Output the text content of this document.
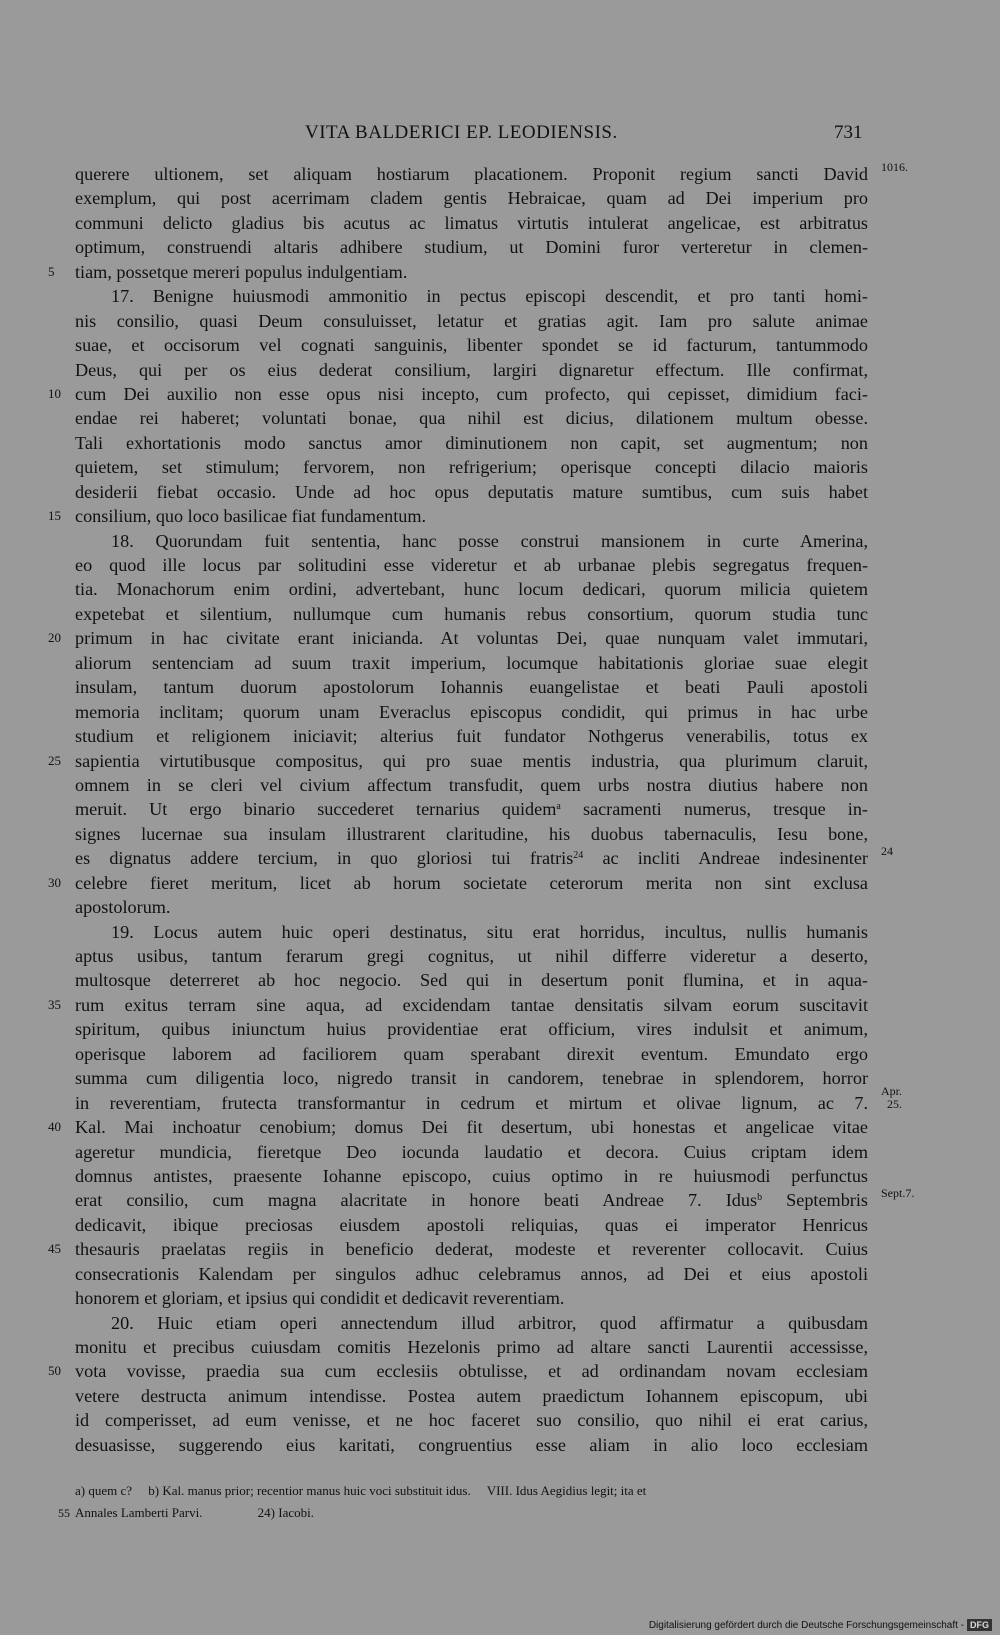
VITA BALDERICI EP. LEODIENSIS.	731
querere ultionem, set aliquam hostiarum placationem. Proponit regium sancti David 1016.
exemplum, qui post acerrimam cladem gentis Hebraicae, quam ad Dei imperium pro
communi delicto gladius bis acutus ac limatus virtutis intulerat angelicae, est arbitratus
optimum, construendi altaris adhibere studium, ut Domini furor verteretur in clemen-
5	tiam, possetque mereri populus indulgentiam.
17. Benigne huiusmodi ammonitio in pectus episcopi descendit, et pro tanti homi-
nis consilio, quasi Deum consuluisset, letatur et gratias agit. Iam pro salute animae
suae, et occisorum vel cognati sanguinis, libenter spondet se id facturum, tantummodo
Deus, qui per os eius dederat consilium, largiri dignaretur effectum. Ille confirmat,
10 cum Dei auxilio non esse opus nisi incepto, cum profecto, qui cepisset, dimidium faci-
endae rei haberet; voluntati bonae, qua nihil est dicius, dilationem multum obesse.
Tali exhortationis modo sanctus amor diminutionem non capit, set augmentum; non
quietem, set stimulum; fervorem, non refrigerium; operisque concepti dilacio maioris
desiderii fiebat occasio. Unde ad hoc opus deputatis mature sumtibus, cum suis habet
15 consilium, quo loco basilicae fiat fundamentum.
18. Quorundam fuit sententia, hanc posse construi mansionem in curte Amerina,
eo quod ille locus par solitudini esse videretur et ab urbanae plebis segregatus frequen-
tia. Monachorum enim ordini, advertebant, hunc locum dedicari, quorum milicia quietem
expetebat et silentium, nullumque cum humanis rebus consortium, quorum studia tunc
20 primum in hac civitate erant inicianda. At voluntas Dei, quae nunquam valet immutari,
aliorum sentenciam ad suum traxit imperium, locumque habitationis gloriae suae elegit
insulam, tantum duorum apostolorum Iohannis euangelistae et beati Pauli apostoli
memoria inclitam; quorum unam Everaclus episcopus condidit, qui primus in hac urbe
studium et religionem iniciavit; alterius fuit fundator Nothgerus venerabilis, totus ex
25 sapientia virtutibusque compositus, qui pro suae mentis industria, qua plurimum claruit,
omnem in se cleri vel civium affectum transfudit, quem urbs nostra diutius habere non
meruit. Ut ergo binario succederet ternarius quidem$^a$ sacramenti numerus, tresque in-
signes lucernae sua insulam illustrarent claritudine, his duobus tabernaculis, Iesu bone,
es dignatus addere tercium, in quo gloriosi tui fratris$^{24}$ ac incliti Andreae indesinenter 24
30 celebre fieret meritum, licet ab horum societate ceterorum merita non sint exclusa
apostolorum.
19. Locus autem huic operi destinatus, situ erat horridus, incultus, nullis humanis
aptus usibus, tantum ferarum gregi cognitus, ut nihil differre videretur a deserto,
multosque deterreret ab hoc negocio. Sed qui in desertum ponit flumina, et in aqua-
35 rum exitus terram sine aqua, ad excidendam tantae densitatis silvam eorum suscitavit
spiritum, quibus iniunctum huius providentiae erat officium, vires indulsit et animum,
operisque laborem ad faciliorem quam sperabant direxit eventum. Emundato ergo
summa cum diligentia loco, nigredo transit in candorem, tenebrae in splendorem, horror
in reverentiam, frutecta transformantur in cedrum et mirtum et olivae lignum, ac 7.
Apr.
25.
40 Kal. Mai inchoatur cenobium; domus Dei fit desertum, ubi honestas et angelicae vitae
ageretur mundicia, fieretque Deo iocunda laudatio et decora. Cuius criptam idem
domnus antistes, praesente Iohanne episcopo, cuius optimo in re huiusmodi perfunctus
erat consilio, cum magna alacritate in honore beati Andreae 7. Idus$^b$ Septembris Sept.7.
dedicavit, ibique preciosas eiusdem apostoli reliquias, quas ei imperator Henricus
45 thesauris praelatas regiis in beneficio dederat, modeste et reverenter collocavit. Cuius
consecrationis Kalendam per singulos adhuc celebramus annos, ad Dei et eius apostoli
honorem et gloriam, et ipsius qui condidit et dedicavit reverentiam.
20. Huic etiam operi annectendum illud arbitror, quod affirmatur a quibusdam
monitu et precibus cuiusdam comitis Hezelonis primo ad altare sancti Laurentii accessisse,
50 vota vovisse, praedia sua cum ecclesiis obtulisse, et ad ordinandam novam ecclesiam
vetere destructa animum intendisse. Postea autem praedictum Iohannem episcopum, ubi
id comperisset, ad eum venisse, et ne hoc faceret suo consilio, quo nihil ei erat carius,
desuasisse, suggerendo eius karitati, congruentius esse aliam in alio loco ecclesiam
a) quem c?     b) Kal. manus prior; recentior manus huic voci substituit idus.     VIII. Idus Aegidius legit; ita et
55 Annales Lamberti Parvi.                 24) Iacobi.
Digitalisierung gefördert durch die Deutsche Forschungsgemeinschaft - DFG
